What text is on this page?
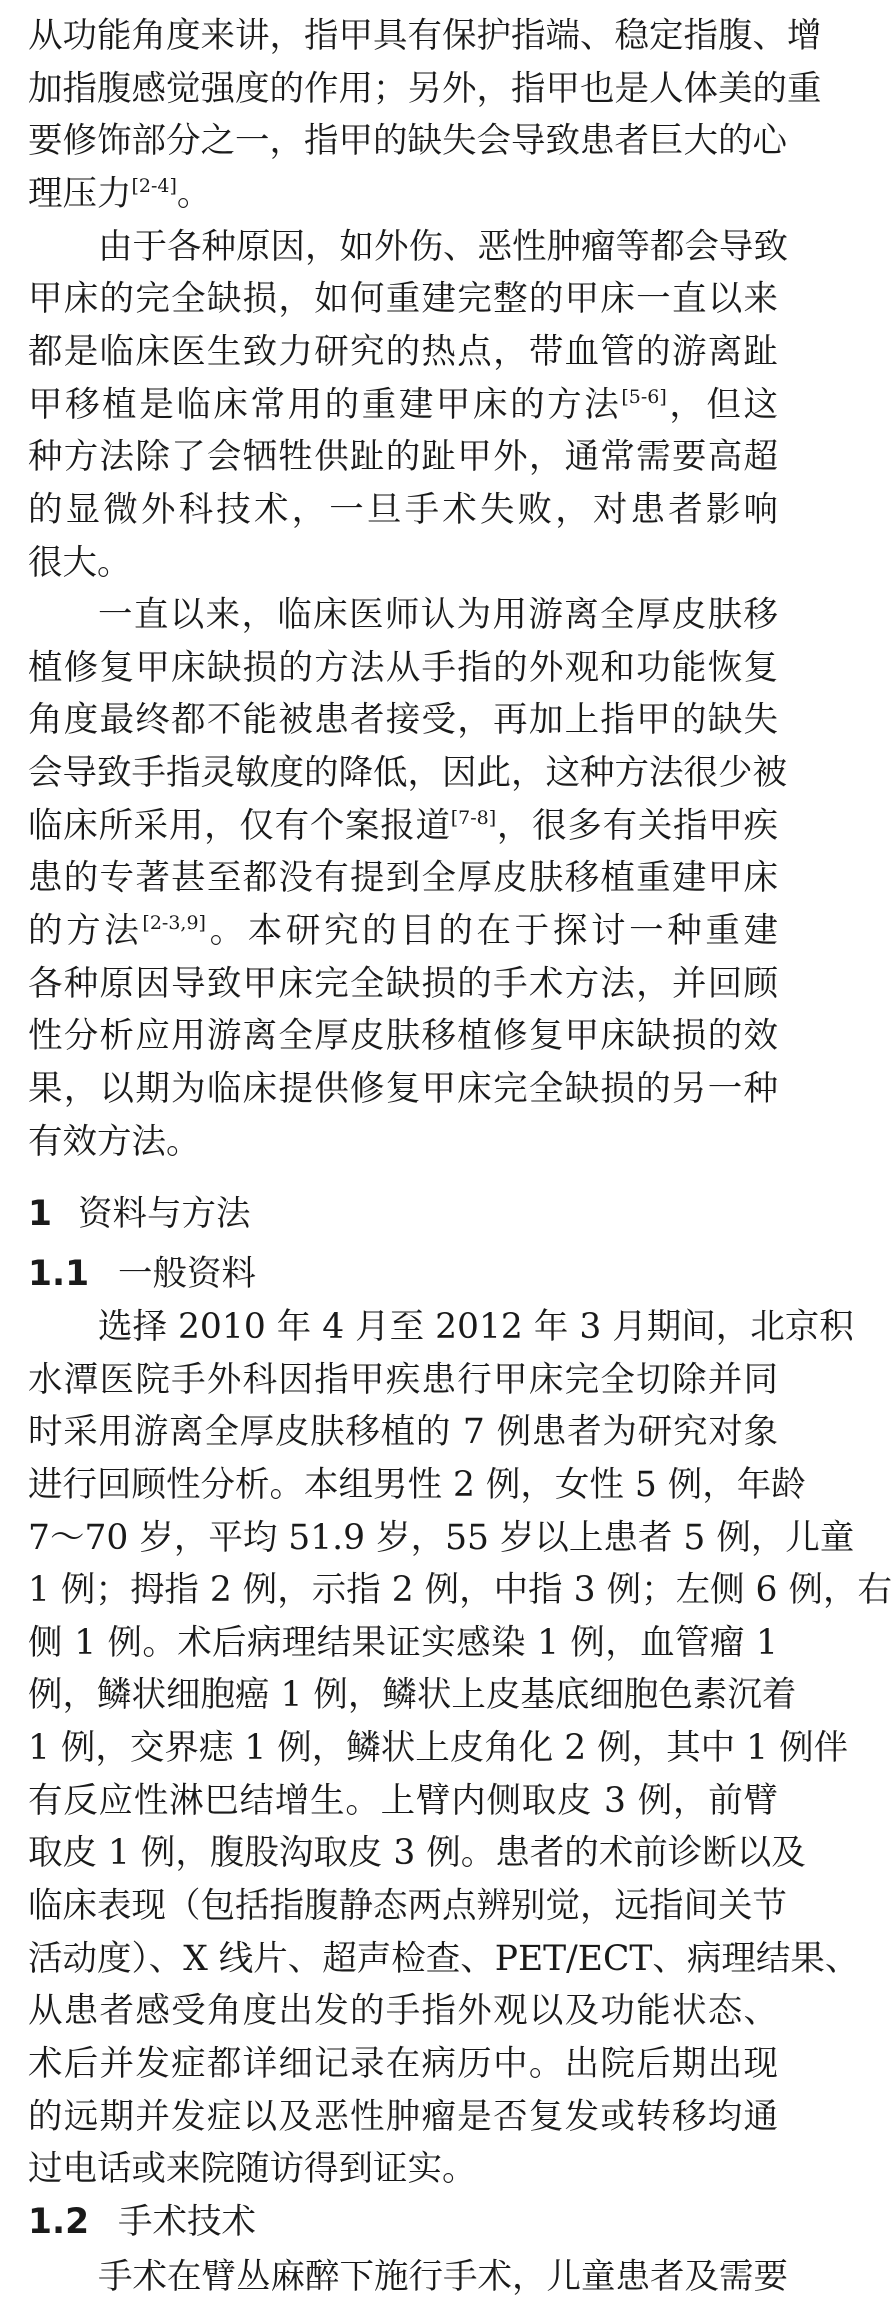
从功能角度来讲，指甲具有保护指端、稳定指腹、增
加指腹感觉强度的作用；另外，指甲也是人体美的重
要修饰部分之一，指甲的缺失会导致患者巨大的心
理压力[2-4]。
由于各种原因，如外伤、恶性肿瘤等都会导致
甲床的完全缺损，如何重建完整的甲床一直以来
都是临床医生致力研究的热点，带血管的游离趾
甲移植是临床常用的重建甲床的方法[5-6]，但这
种方法除了会牺牲供趾的趾甲外，通常需要高超
的显微外科技术，一旦手术失败，对患者影响
很大。
一直以来，临床医师认为用游离全厚皮肤移
植修复甲床缺损的方法从手指的外观和功能恢复
角度最终都不能被患者接受，再加上指甲的缺失
会导致手指灵敏度的降低，因此，这种方法很少被
临床所采用，仅有个案报道[7-8]，很多有关指甲疾
患的专著甚至都没有提到全厚皮肤移植重建甲床
的方法[2-3,9]。本研究的目的在于探讨一种重建
各种原因导致甲床完全缺损的手术方法，并回顾
性分析应用游离全厚皮肤移植修复甲床缺损的效
果，以期为临床提供修复甲床完全缺损的另一种
有效方法。
1 资料与方法
1.1 一般资料
选择 2010 年 4 月至 2012 年 3 月期间，北京积
水潭医院手外科因指甲疾患行甲床完全切除并同
时采用游离全厚皮肤移植的 7 例患者为研究对象
进行回顾性分析。本组男性 2 例，女性 5 例，年龄
7～70 岁，平均 51.9 岁，55 岁以上患者 5 例，儿童
1 例；拇指 2 例，示指 2 例，中指 3 例；左侧 6 例，右
侧 1 例。术后病理结果证实感染 1 例，血管瘤 1
例，鳞状细胞癌 1 例，鳞状上皮基底细胞色素沉着
1 例，交界痣 1 例，鳞状上皮角化 2 例，其中 1 例伴
有反应性淋巴结增生。上臂内侧取皮 3 例，前臂
取皮 1 例，腹股沟取皮 3 例。患者的术前诊断以及
临床表现（包括指腹静态两点辨别觉，远指间关节
活动度）、X 线片、超声检查、PET/ECT、病理结果、
从患者感受角度出发的手指外观以及功能状态、
术后并发症都详细记录在病历中。出院后期出现
的远期并发症以及恶性肿瘤是否复发或转移均通
过电话或来院随访得到证实。
1.2 手术技术
手术在臂丛麻醉下施行手术，儿童患者及需要
